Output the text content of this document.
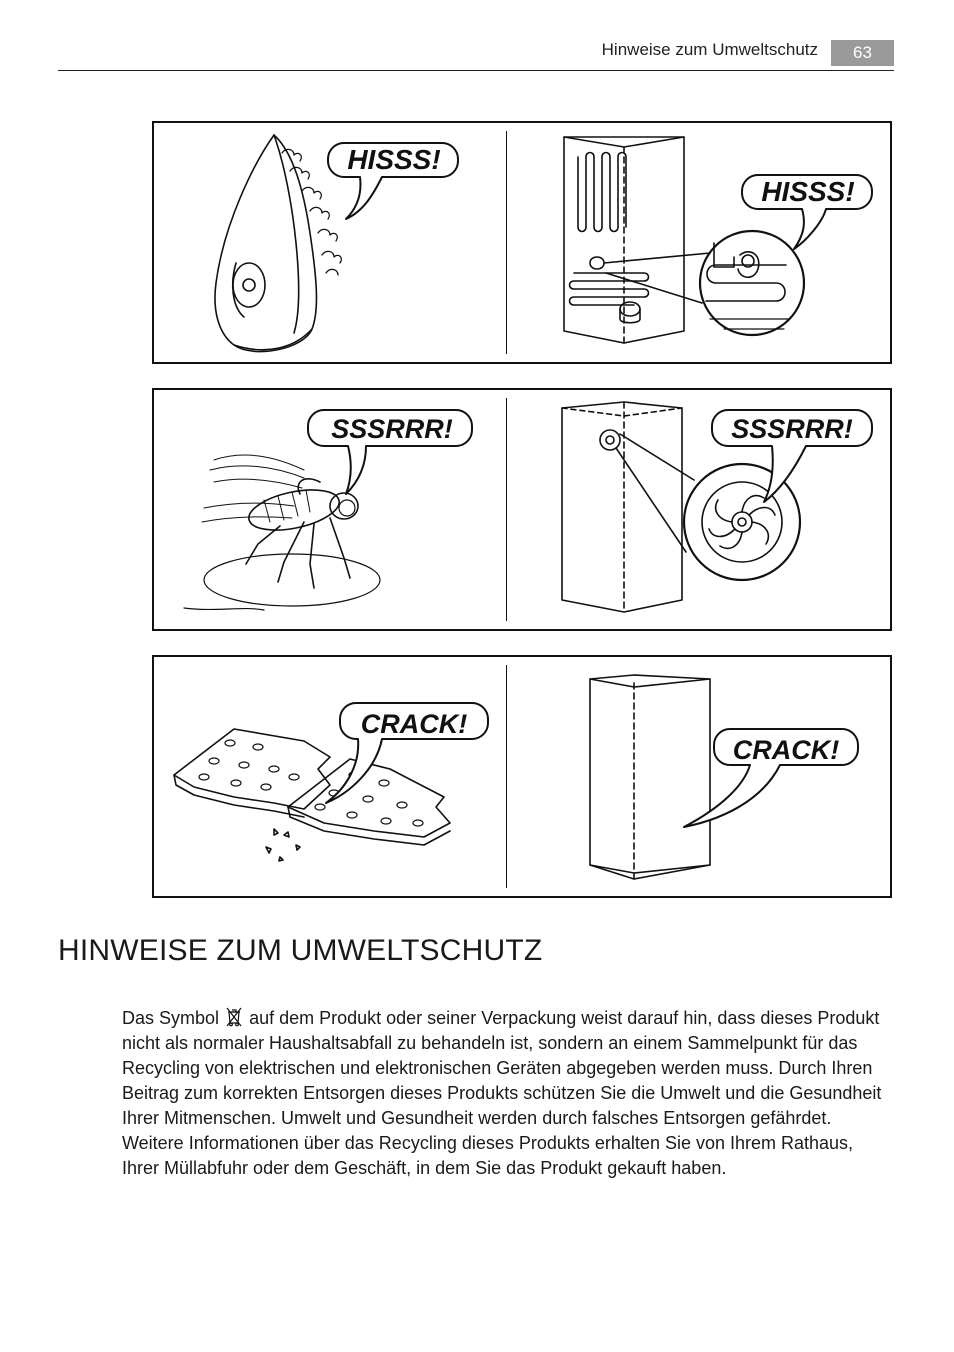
Hinweise zum Umweltschutz	63
HISSS!
HISSS!
SSSRRR!	SSSRRR!
CRACK!
CRACK!
HINWEISE ZUM UMWELTSCHUTZ

Das Symbol auf dem Produkt oder seiner Verpackung weist darauf hin, dass dieses Produkt nicht als normaler Haushaltsabfall zu behandeln ist, sondern an einem Sammelpunkt für das Recycling von elektrischen und elektronischen Geräten abgegeben werden muss. Durch Ihren Beitrag zum korrekten Entsorgen dieses Produkts schützen Sie die Umwelt und die Gesundheit Ihrer Mitmenschen. Umwelt und Gesundheit werden durch falsches Entsorgen gefährdet. Weitere Informationen über das Recycling dieses Produkts erhalten Sie von Ihrem Rathaus, Ihrer Müllabfuhr oder dem Geschäft, in dem Sie das Produkt gekauft haben.
